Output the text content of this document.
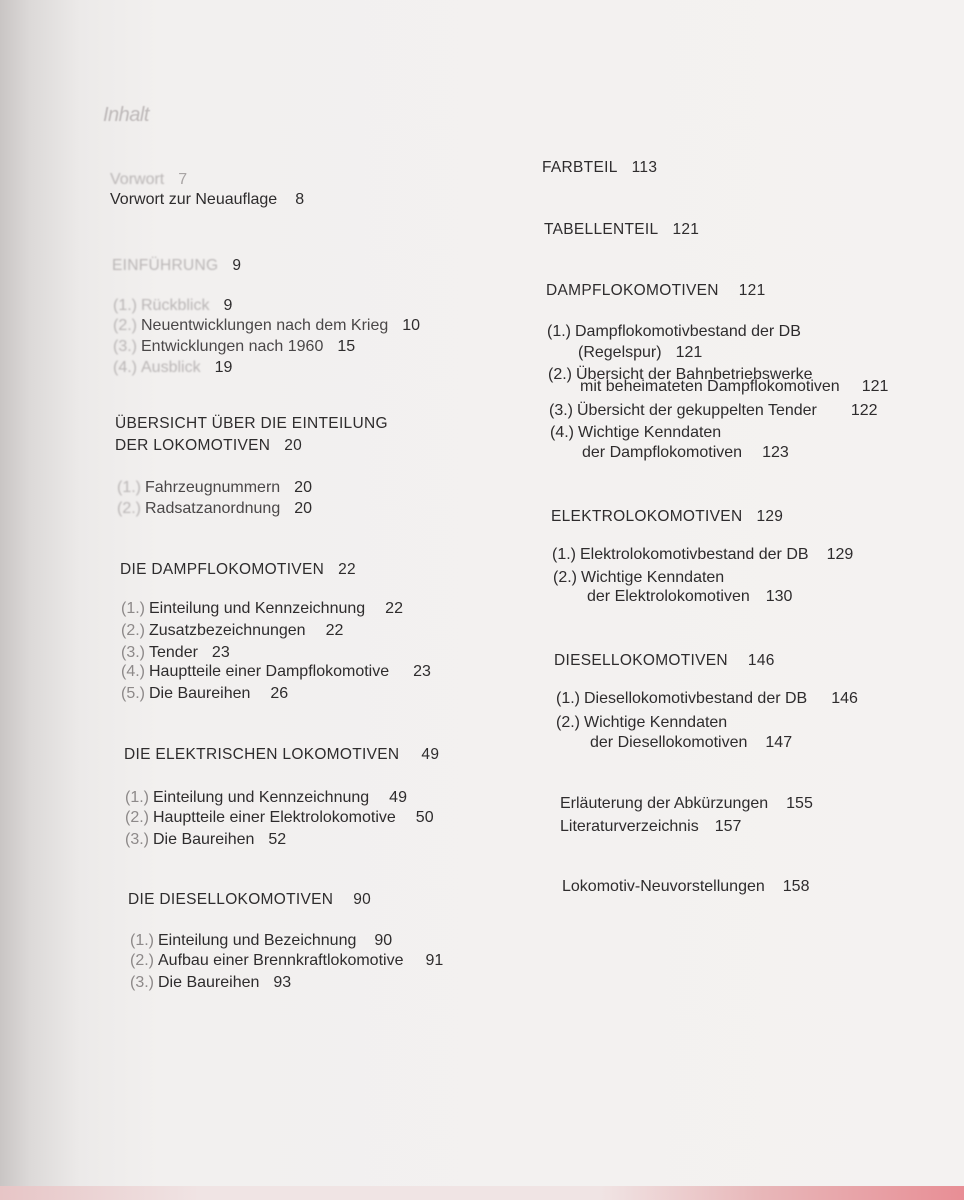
Inhalt
Vorwort 7
Vorwort zur Neuauflage 8
EINFÜHRUNG 9
(1.) Rückblick 9
(2.) Neuentwicklungen nach dem Krieg 10
(3.) Entwicklungen nach 1960 15
(4.) Ausblick 19
ÜBERSICHT ÜBER DIE EINTEILUNG
DER LOKOMOTIVEN 20
(1.) Fahrzeugnummern 20
(2.) Radsatzanordnung 20
DIE DAMPFLOKOMOTIVEN 22
(1.) Einteilung und Kennzeichnung 22
(2.) Zusatzbezeichnungen 22
(3.) Tender 23
(4.) Hauptteile einer Dampflokomotive 23
(5.) Die Baureihen 26
DIE ELEKTRISCHEN LOKOMOTIVEN 49
(1.) Einteilung und Kennzeichnung 49
(2.) Hauptteile einer Elektrolokomotive 50
(3.) Die Baureihen 52
DIE DIESELLOKOMOTIVEN 90
(1.) Einteilung und Bezeichnung 90
(2.) Aufbau einer Brennkraftlokomotive 91
(3.) Die Baureihen 93
FARBTEIL 113
TABELLENTEIL 121
DAMPFLOKOMOTIVEN 121
(1.) Dampflokomotivbestand der DB
(Regelspur) 121
(2.) Übersicht der Bahnbetriebswerke
mit beheimateten Dampflokomotiven 121
(3.) Übersicht der gekuppelten Tender 122
(4.) Wichtige Kenndaten
der Dampflokomotiven 123
ELEKTROLOKOMOTIVEN 129
(1.) Elektrolokomotivbestand der DB 129
(2.) Wichtige Kenndaten
der Elektrolokomotiven 130
DIESELLOKOMOTIVEN 146
(1.) Diesellokomotivbestand der DB 146
(2.) Wichtige Kenndaten
der Diesellokomotiven 147
Erläuterung der Abkürzungen 155
Literaturverzeichnis 157
Lokomotiv-Neuvorstellungen 158
